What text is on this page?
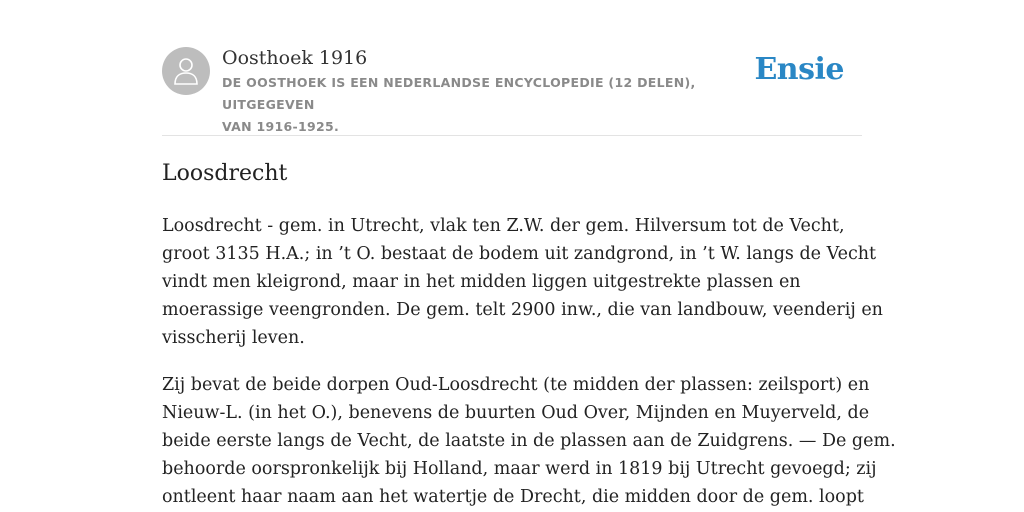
Oosthoek 1916
DE OOSTHOEK IS EEN NEDERLANDSE ENCYCLOPEDIE (12 DELEN), UITGEGEVEN
VAN 1916-1925.
Ensie
Loosdrecht

Loosdrecht - gem. in Utrecht, vlak ten Z.W. der gem. Hilversum tot de Vecht,
groot 3135 H.A.; in ’t O. bestaat de bodem uit zandgrond, in ’t W. langs de Vecht
vindt men kleigrond, maar in het midden liggen uitgestrekte plassen en
moerassige veengronden. De gem. telt 2900 inw., die van landbouw, veenderij en
visscherij leven.

Zij bevat de beide dorpen Oud-Loosdrecht (te midden der plassen: zeilsport) en
Nieuw-L. (in het O.), benevens de buurten Oud Over, Mijnden en Muyerveld, de
beide eerste langs de Vecht, de laatste in de plassen aan de Zuidgrens. — De gem.
behoorde oorspronkelijk bij Holland, maar werd in 1819 bij Utrecht gevoegd; zij
ontleent haar naam aan het watertje de Drecht, die midden door de gem. loopt
